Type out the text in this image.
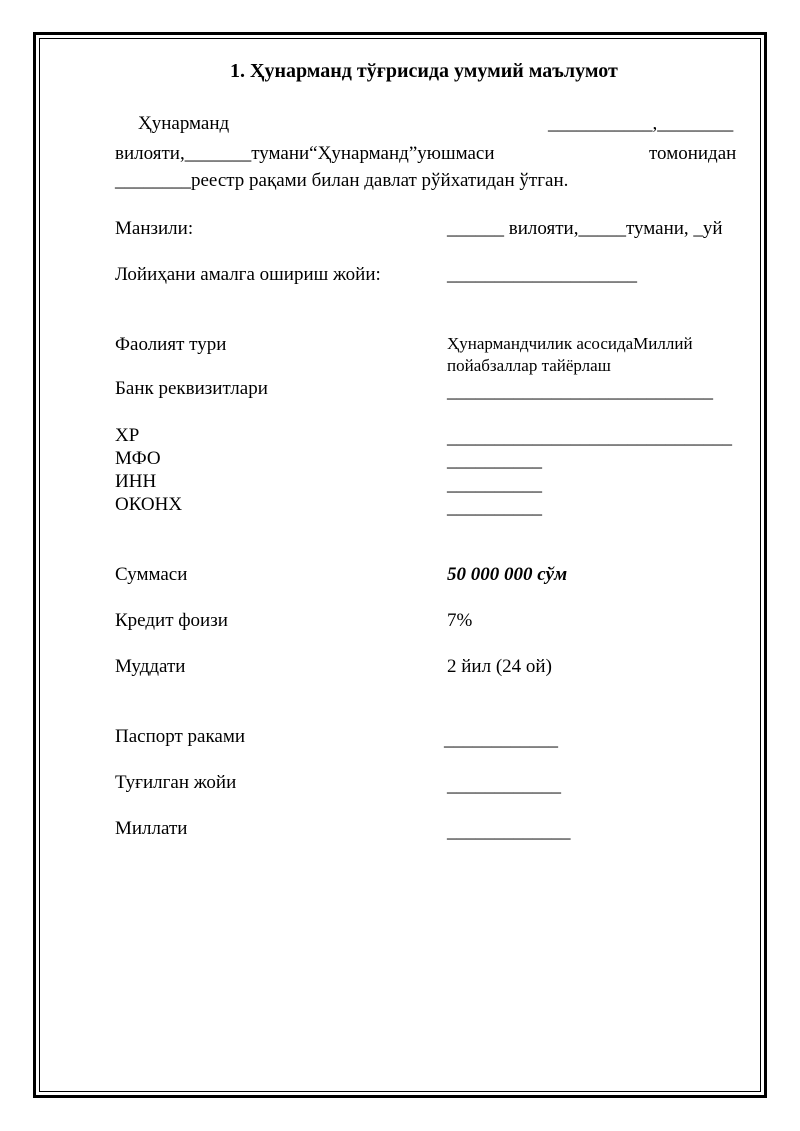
1. Ҳунарманд тўғрисида умумий маълумот
Ҳунарманд	___________,________
вилояти,_______тумани“Ҳунарманд”уюшмаси	томонидан
________реестр рақами билан давлат рўйхатидан ўтган.
Манзили:	______ вилояти,_____тумани, _уй
Лойиҳани амалга ошириш жойи:	____________________
Фаолият тури	Ҳунармандчилик асосидаМиллий
пойабзаллар тайёрлаш
Банк реквизитлари	____________________________
ХР	______________________________
МФО	__________
ИНН	__________
ОКОНХ	__________
Суммаси	50 000 000 сўм
Кредит фоизи	7%
Муддати	2 йил (24 ой)
Паспорт раками	____________
Туғилган жойи	____________
Миллати	_____________
